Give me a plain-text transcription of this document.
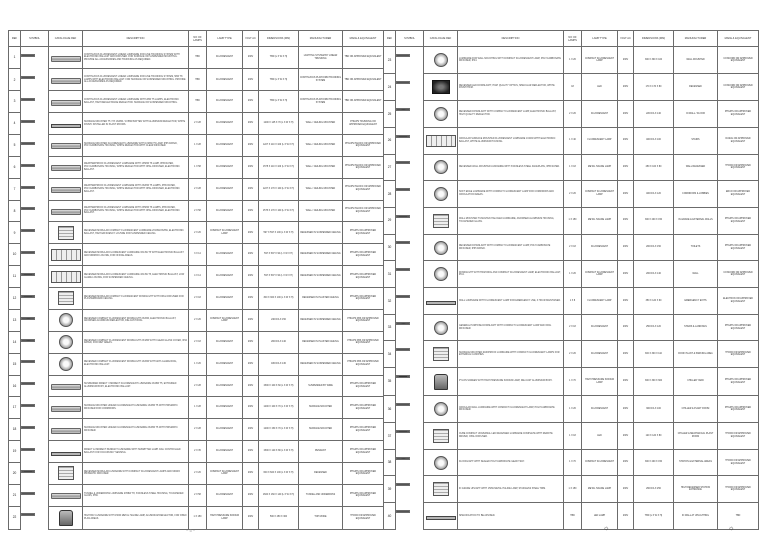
REF	SYMBOL	CATALOGUE REF	DESCRIPTION	NO OF LAMPS	LAMP TYPE	VOLT AC	DIMENSIONS (MM)	MANUFACTURER	MAKE & EQUIVALENT
1		CONTINUOUS FLUORESCENT LINEAR LUMINAIRE FOR LINE TRUNKING SYSTEM WITH ELECTRONIC BALLAST AND DIFFUSER. FOR SURFACE OR SUSPENDED MOUNTING. PROVIDE ALL ACCESSORIES AND TRUNKING AS REQUIRED.	TBD	FLUORESCENT	230V	TBD (L X W X H)	LIGHTING SYSTEM BY LINEAR TRUNKING	TBD OR APPROVED EQUIVALENT
2		CONTINUOUS FLUORESCENT LINEAR LUMINAIRE FOR LINE TRUNKING SYSTEM, 58W T8 LAMPS WITH ELECTRONIC BALLAST. FOR SURFACE OR SUSPENDED MOUNTING. PROVIDE ALL ACCESSORIES AS REQUIRED.	TBD	FLUORESCENT	230V	TBD (L X W X H)	CONTINUOUS PLATFORM TRUNKING SYSTEM	TBD OR APPROVED EQUIVALENT
3		CONTINUOUS FLUORESCENT LINEAR LUMINAIRE WITH 28W T5 LAMPS, ELECTRONIC BALLAST, HIGH REFLECTANCE REFLECTOR. SURFACE OR SUSPENDED MOUNTING.	TBD	FLUORESCENT	230V	TBD (L X W X H)	CONTINUOUS PLATFORM TRUNKING SYSTEM	TBD OR APPROVED EQUIVALENT
4		SURFACE MOUNTED T5 / T8 1X28W / 1X58W BATTEN WITH ALUMINIUM REFLECTOR, WHITE FINISH. INSTALLED IN PLANT ROOMS.	2 X 28	FLUORESCENT	230V	1200 X 145 X 70 (L X W X H)	WALL / CEILING MOUNTED	PHILIPS TRUNKING OR APPROVED EQUIVALENT
5		SURFACE MOUNTED FLUORESCENT LUMINAIRE WITH 1X28W T5 LAMP, IP65 RATED, POLYCARBONATE HOUSING, WHITE REFLECTOR WITH CLEAR DIFFUSER.	1 X 28	FLUORESCENT	230V	1227 X 110 X 100 (L X W X H)	WALL / CEILING MOUNTED	PHILIPS PACIFIC OR APPROVED EQUIVALENT
6		WEATHERPROOF FLUORESCENT LUMINAIRE WITH 1X58W T8 LAMP, IP65 RATED, POLYCARBONATE HOUSING, WHITE REFLECTOR WITH OPAL DIFFUSER, ELECTRONIC BALLAST.	1 X 58	FLUORESCENT	230V	1575 X 110 X 100 (L X W X H)	WALL / CEILING MOUNTED	PHILIPS PACIFIC OR APPROVED EQUIVALENT
7		WEATHERPROOF FLUORESCENT LUMINAIRE WITH 2X28W T5 LAMPS, IP65 RATED, POLYCARBONATE HOUSING, WHITE REFLECTOR WITH OPAL DIFFUSER, ELECTRONIC BALLAST.	2 X 28	FLUORESCENT	230V	1227 X 170 X 100 (L X W X H)	WALL / CEILING MOUNTED	PHILIPS PACIFIC OR APPROVED EQUIVALENT
8		WEATHERPROOF FLUORESCENT LUMINAIRE WITH 2X58W T8 LAMPS, IP65 RATED, POLYCARBONATE HOUSING, WHITE REFLECTOR WITH OPAL DIFFUSER, ELECTRONIC BALLAST.	2 X 58	FLUORESCENT	230V	1575 X 170 X 100 (L X W X H)	WALL / CEILING MOUNTED	PHILIPS PACIFIC OR APPROVED EQUIVALENT
9		RECESSED MODULAR COMPACT FLUORESCENT LUMINAIRE 2X18W/2X26W, ELECTRONIC BALLAST, HIGH EFFICIENCY LOUVRE FOR SUSPENDED CEILING.	2 X 26	COMPACT FLUORESCENT LAMP	230V	597 X 597 X 100 (L X W X H)	RECESSED IN SUSPENDED CEILING	PHILIPS OR APPROVED EQUIVALENT
10		RECESSED MODULAR FLUORESCENT LUMINAIRE 3X14W T5 WITH ELECTRONIC BALLAST AND MIRROR LOUVRE, FOR OFFICE AREAS.	3 X 14	FLUORESCENT	230V	597 X 597 X 90 (L X W X H)	RECESSED IN SUSPENDED CEILING	PHILIPS OR APPROVED EQUIVALENT
11		RECESSED MODULAR FLUORESCENT LUMINAIRE 4X14W T5, ELECTRONIC BALLAST, LOW GLARE LOUVRE, FOR SUSPENDED CEILING.	4 X 14	FLUORESCENT	230V	597 X 597 X 90 (L X W X H)	RECESSED IN SUSPENDED CEILING	PHILIPS OR APPROVED EQUIVALENT
12		RECESSED MODULAR COMPACT FLUORESCENT DOWNLIGHT WITH OPAL DIFFUSER FOR PLASTERBOARD CEILING.	2 X 18	FLUORESCENT	230V	300 X 300 X 100 (L X W X H)	RECESSED IN PLASTER CEILING	PHILIPS OR APPROVED EQUIVALENT
13		RECESSED COMPACT FLUORESCENT DOWNLIGHT 2X26W, ELECTRONIC BALLAST, ANODISED ALUMINIUM REFLECTOR, DIE-CAST RING.	2 X 26	COMPACT FLUORESCENT LAMP	230V	240 DIA X 150	RECESSED IN SUSPENDED CEILING	PHILIPS FBS OR APPROVED EQUIVALENT
14		RECESSED COMPACT FLUORESCENT DOWNLIGHT 2X18W WITH CLEAR GLASS COVER, IP44 RATED, FOR WET AREAS.	2 X 18	FLUORESCENT	230V	200 DIA X 140	RECESSED IN PLASTER CEILING	PHILIPS FBS OR APPROVED EQUIVALENT
15		RECESSED COMPACT FLUORESCENT DOWNLIGHT 1X26W WITH ANTI-GLARE RING, ELECTRONIC BALLAST.	1 X 26	FLUORESCENT	230V	180 DIA X 130	RECESSED IN SUSPENDED CEILING	PHILIPS FBS OR APPROVED EQUIVALENT
16		SUSPENDED DIRECT / INDIRECT FLUORESCENT LUMINAIRE 2X28W T5, EXTRUDED ALUMINIUM BODY, ELECTRONIC BALLAST.	2 X 28	FLUORESCENT	230V	1500 X 100 X 60 (L X W X H)	SUSPENDED BY WIRE	PHILIPS OR APPROVED EQUIVALENT
17		SURFACE MOUNTED LINEAR FLUORESCENT LUMINAIRE 1X28W T5 WITH PRISMATIC DIFFUSER FOR CORRIDORS.	1 X 28	FLUORESCENT	230V	1200 X 100 X 70 (L X W X H)	SURFACE MOUNTED	PHILIPS OR APPROVED EQUIVALENT
18		SURFACE MOUNTED LINEAR FLUORESCENT LUMINAIRE 2X28W T5 WITH PRISMATIC DIFFUSER.	2 X 28	FLUORESCENT	230V	1200 X 150 X 70 (L X W X H)	SURFACE MOUNTED	PHILIPS OR APPROVED EQUIVALENT
19		DIRECT & INDIRECT PENDANT LUMINAIRE WITH SUBMITTED LAMP. DALI CONTROLLED BALLAST FOR OCCUPANCY SENSING.	2 X 35	FLUORESCENT	230V	1500 X 120 X 80 (L X W X H)	PENDANT	PHILIPS OR APPROVED EQUIVALENT
20		RECESSED MODULAR LUMINAIRE WITH COMPACT FLUORESCENT LAMPS AND MICRO PRISMATIC DIFFUSER.	2 X 26	COMPACT FLUORESCENT LAMP	230V	600 X 600 X 100 (L X W X H)	RECESSED	PHILIPS OR APPROVED EQUIVALENT
21		TUNNEL & UNDERPASS LUMINAIRE 2X58W T8, STAINLESS STEEL HOUSING, TOUGHENED GLASS, IP66.	2 X 58	FLUORESCENT	230V	1600 X 160 X 140 (L X W X H)	TUNNEL AND UNDERPASS	PHILIPS OR APPROVED EQUIVALENT
22		HIGH BAY LUMINAIRE WITH 150W METAL HALIDE LAMP, ALUMINIUM REFLECTOR, FOR OPEN PLAN AREAS.	1 X 150	HIGH PRESSURE SODIUM LAMP	230V	500 X 450 X 300	TOP MODE	THORN OR APPROVED EQUIVALENT
REF	SYMBOL	CATALOGUE REF	DESCRIPTION	NO OF LAMPS	LAMP TYPE	VOLT AC	DIMENSIONS (MM)	MANUFACTURER	MAKE & EQUIVALENT
23		LUMINAIRE FOR WALL MOUNTING WITH COMPACT FLUORESCENT LAMP, POLYCARBONATE DIFFUSER, IP44.	1 X 26	COMPACT FLUORESCENT LAMP	230V	300 X 300 X 100	WALL MOUNTED	CONCORD OR APPROVED EQUIVALENT
24		RECESSED LED DOWNLIGHT, HIGH QUALITY OPTICS, SPECULAR REFLECTOR, WHITE FINISH TRIM.	18	LED	230V	170 X 170 X 80	RECESSED	CONCORD OR APPROVED EQUIVALENT
25		RECESSED DOWNLIGHT WITH COMPACT FLUORESCENT LAMP, ELECTRONIC BALLAST, HIGH QUALITY REFLECTOR.	2 X 26	FLUORESCENT	230V	220 DIA X 140	IN WALL / FLOOR	PHILIPS OR APPROVED EQUIVALENT
26		CIRCULAR SURFACE MOUNTED FLUORESCENT LUMINAIRE 1X40W WITH ELECTRONIC BALLAST, WHITE ALUMINIUM HOUSING.	1 X 40	FLUORESCENT LAMP	230V	400 DIA X 100	STAIRS	DURAL OR APPROVED EQUIVALENT
27		RECESSED WALL MOUNTED LUMINAIRE WITH STAINLESS STEEL FACEPLATE, IP65 RATED.	1 X 18	METAL HALIDE LAMP	230V	250 X 100 X 80	WALL RECESSED	THORN OR APPROVED EQUIVALENT
28		SOFT EDGE LUMINAIRE WITH COMPACT FLUORESCENT LAMP FOR CORRIDORS AND CIRCULATION AREAS.	2 X 26	COMPACT FLUORESCENT LAMP	230V	400 DIA X 120	CORRIDORS & LOBBIES	ERCO OR APPROVED EQUIVALENT
29		WALL MOUNTED TUNGSTEN HALOGEN LUMINAIRE, ANODISED ALUMINIUM HOUSING, TOUGHENED GLASS.	1 X 150	METAL HALIDE LAMP	230V	300 X 200 X 150	IN-GRADE & EXTERNAL WALLS	PHILIPS OR APPROVED EQUIVALENT
30		RECESSED DOWNLIGHT WITH COMPACT FLUORESCENT LAMP, POLYCARBONATE DIFFUSER, IP65 RATED.	2 X 18	FLUORESCENT	230V	200 DIA X 150	TOILETS	PHILIPS OR APPROVED EQUIVALENT
31		DOWNLIGHT WITH TRIM RING AND COMPACT FLUORESCENT LAMP, ELECTRONIC BALLAST, IP44.	1 X 26	COMPACT FLUORESCENT LAMP	230V	200 DIA X 140	WALL	CONCORD OR APPROVED EQUIVALENT
32		WALL LUMINAIRE WITH FLUORESCENT LAMP FOR EMERGENCY USE, 3 HOUR MAINTAINED.	1 X 8	FLUORESCENT LAMP	230V	350 X 120 X 60	EMERGENCY EXITS	ELECTRON OR APPROVED EQUIVALENT
33		GENERAL PURPOSE DOWNLIGHT WITH COMPACT FLUORESCENT LAMP AND OPAL DIFFUSER.	2 X 18	FLUORESCENT	230V	250 DIA X 120	STAIRS & LANDINGS	PHILIPS OR APPROVED EQUIVALENT
34		SURFACE MOUNTED RAINPROOF LUMINAIRE WITH COMPACT FLUORESCENT LAMPS FOR EXTERNAL CANOPIES.	2 X 26	FLUORESCENT	230V	300 X 300 X 110	ROOF PLANT & PARKING AREA	THORN OR APPROVED EQUIVALENT
35		PYLON SCREEN WITH HIGH PRESSURE SODIUM LAMP, DIE-CAST ALUMINIUM BODY.	1 X 70	HIGH PRESSURE SODIUM LAMP	230V	300 X 300 X 600	CHILLER YARD	PHILIPS OR APPROVED EQUIVALENT
36		CIRCULAR WALL LUMINAIRE WITH COMPACT FLUORESCENT LAMP, POLYCARBONATE DIFFUSER.	1 X 26	FLUORESCENT	230V	300 DIA X 100	CHILLER & PLANT ROOM	PHILIPS OR APPROVED EQUIVALENT
37		CUBE COMPACT UNIVERSAL LED RECESSED LUMINAIRE COMPLETE WITH REMOTE DRIVER, OPAL DIFFUSER.	1 X 18	LED	230V	120 X 120 X 80	CHILLER & MECHANICAL PLANT ROOM	THORN OR APPROVED EQUIVALENT
38		FLOODLIGHT WITH SEALED POLYCARBONATE GEAR TRAY.	1 X 70	COMPACT FLUORESCENT	230V	300 X 200 X 150	STATION & EXTERNAL AREAS	THORN OR APPROVED EQUIVALENT
39		IN GRADE UPLIGHT WITH 150W METAL HALIDE LAMP, STAINLESS STEEL TRIM.	1 X 150	METAL HALIDE LAMP	230V	260 DIA X 250	HIGH RECESSED STATION ENTRANCE	THORN OR APPROVED EQUIVALENT
40		SPECIFICATION TO BE ADVISED.	TBD	LED LAMP	230V	TBD (L X W X H)	IN WALL AT UPLIGHTING	TBD
~ 5 ~	☼	☼
